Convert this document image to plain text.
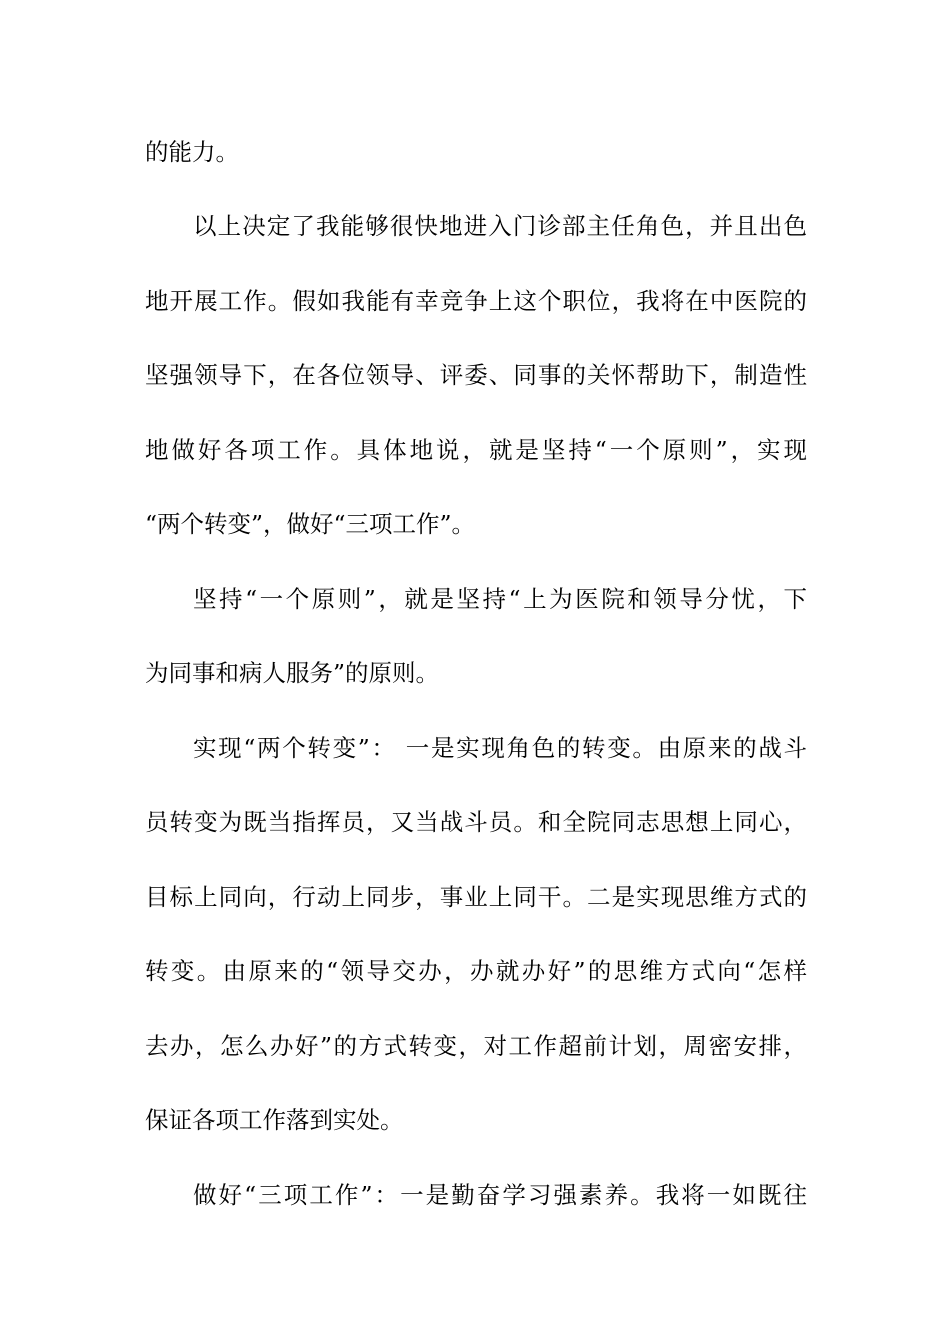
的能力。
以上决定了我能够很快地进入门诊部主任角色，并且出色
地开展工作。假如我能有幸竞争上这个职位，我将在中医院的
坚强领导下，在各位领导、评委、同事的关怀帮助下，制造性
地做好各项工作。具体地说，就是坚持“一个原则”，实现
“两个转变”，做好“三项工作”。
坚持“一个原则”，就是坚持“上为医院和领导分忧，下
为同事和病人服务”的原则。
实现“两个转变”： 一是实现角色的转变。由原来的战斗
员转变为既当指挥员，又当战斗员。和全院同志思想上同心，
目标上同向，行动上同步，事业上同干。二是实现思维方式的
转变。由原来的“领导交办，办就办好”的思维方式向“怎样
去办，怎么办好”的方式转变，对工作超前计划，周密安排，
保证各项工作落到实处。
做好“三项工作”：一是勤奋学习强素养。我将一如既往
